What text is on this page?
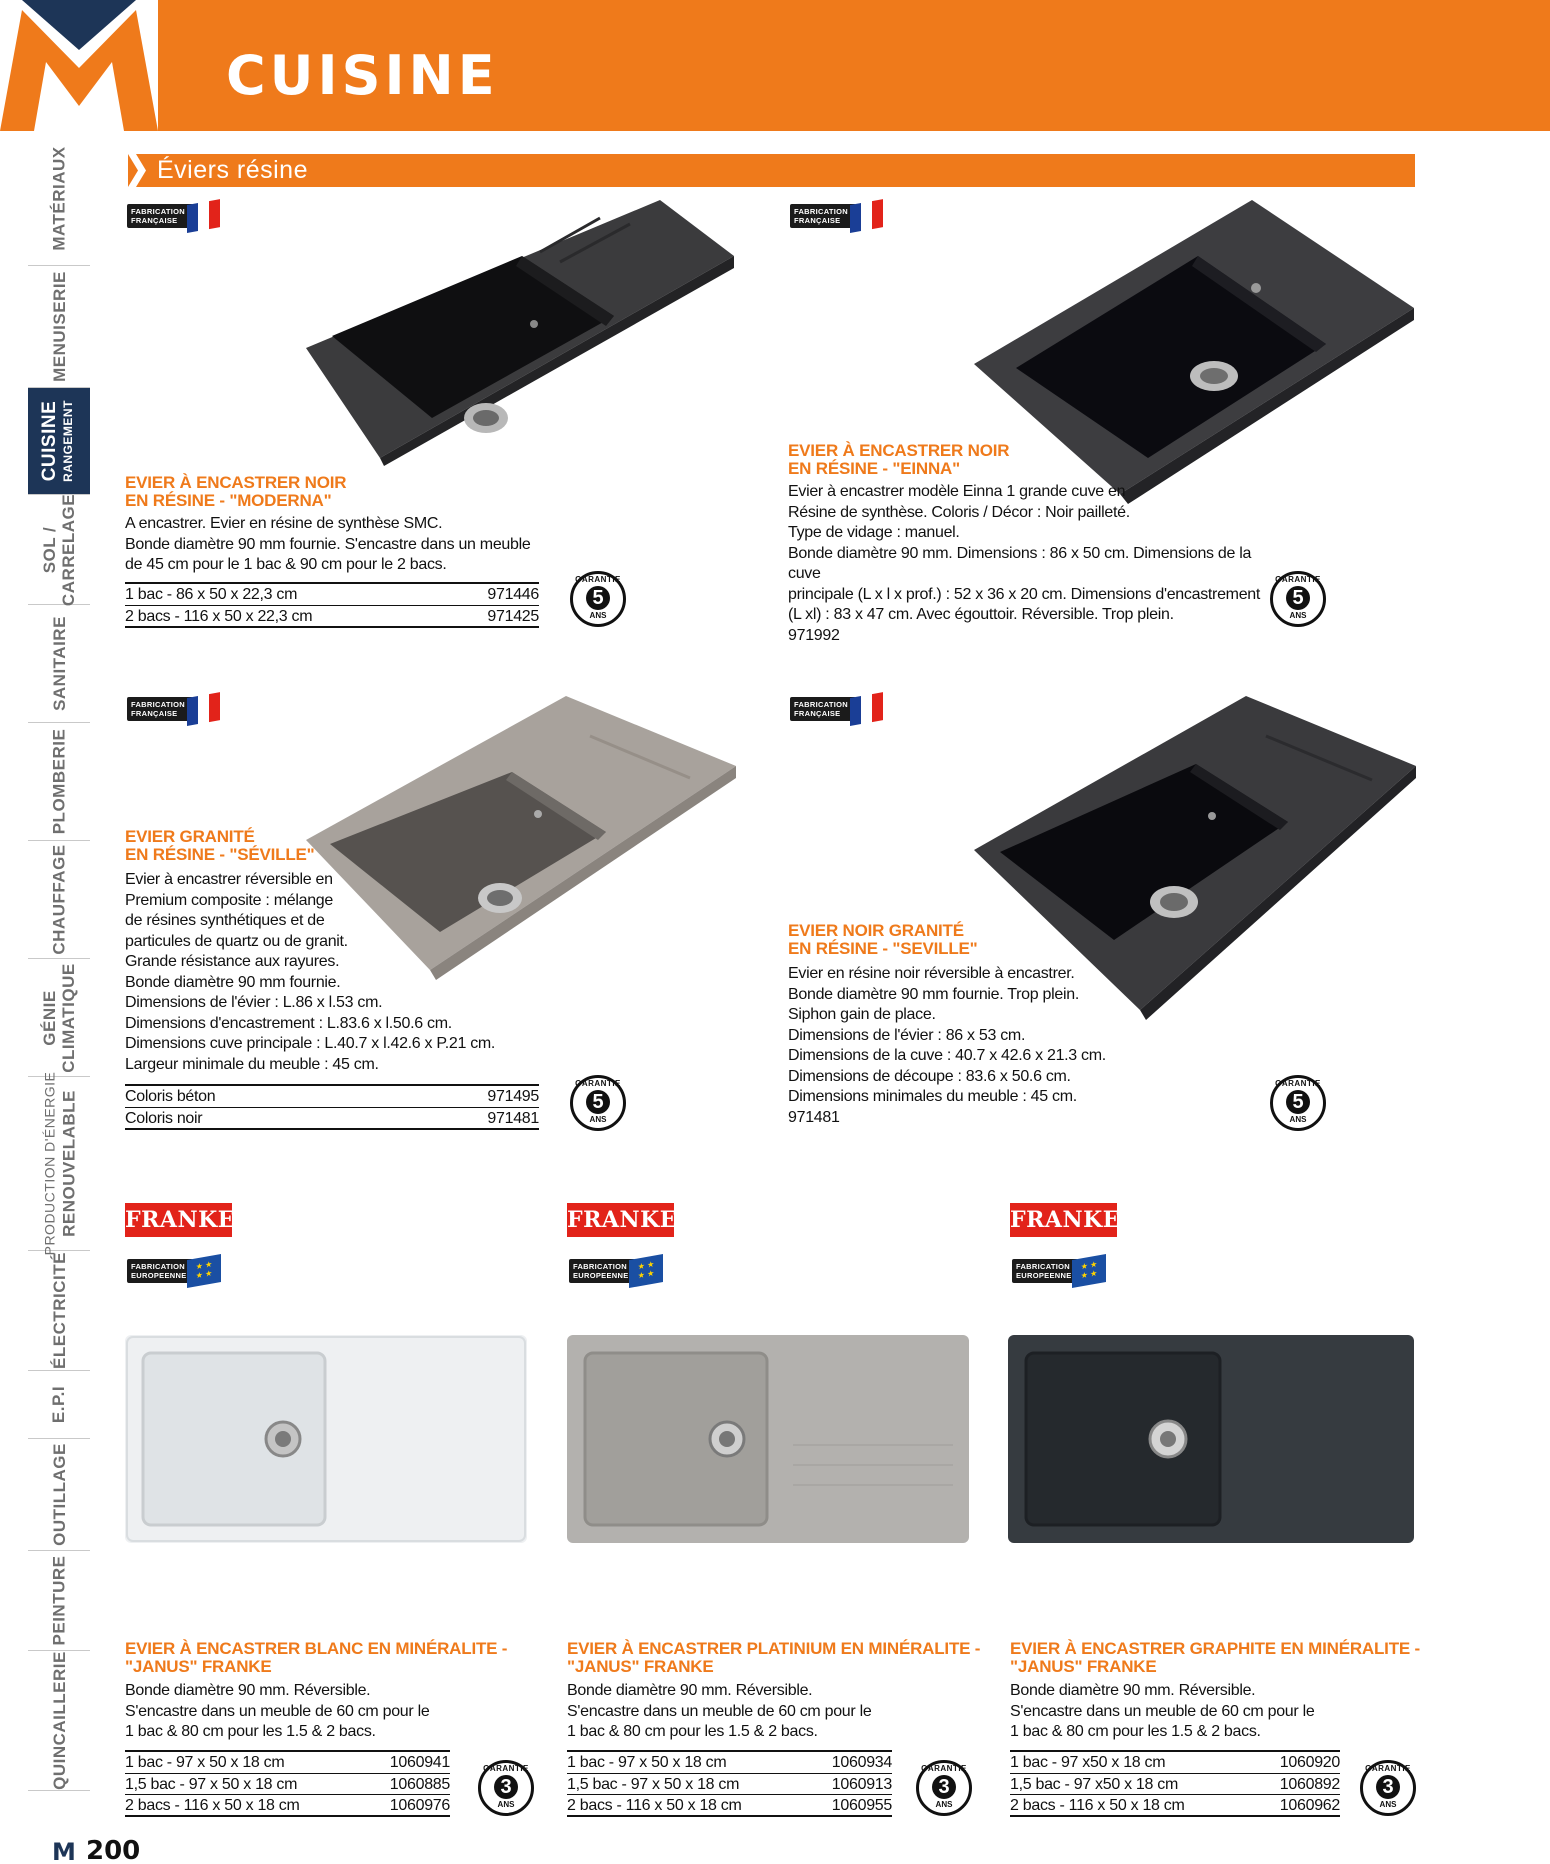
CUISINE
MATÉRIAUX
MENUISERIE
CUISINE RANGEMENT
SOL /
CARRELAGE
SANITAIRE
PLOMBERIE
CHAUFFAGE
GÉNIE
CLIMATIQUE
PRODUCTION D'ÉNERGIE RENOUVELABLE
ÉLECTRICITÉ
E.P.I
OUTILLAGE
PEINTURE
QUINCAILLERIE
Éviers résine
FABRICATION
FRANÇAISE
EVIER À ENCASTRER NOIR
EN RÉSINE - "MODERNA"
A encastrer. Evier en résine de synthèse SMC.
Bonde diamètre 90 mm fournie. S'encastre dans un meuble
de 45 cm pour le 1 bac & 90 cm pour le 2 bacs.
1 bac - 86 x 50 x 22,3 cm	971446
2 bacs - 116 x 50 x 22,3 cm	971425
GARANTIE
5
ANS
FABRICATION
FRANÇAISE
EVIER À ENCASTRER NOIR
EN RÉSINE - "EINNA"
Evier à encastrer modèle Einna 1 grande cuve en
Résine de synthèse. Coloris / Décor : Noir pailleté.
Type de vidage : manuel.
Bonde diamètre 90 mm. Dimensions : 86 x 50 cm. Dimensions de la cuve
principale (L x l x prof.) : 52 x 36 x 20 cm. Dimensions d'encastrement
(L xl) : 83 x 47 cm. Avec égouttoir. Réversible. Trop plein.
971992
GARANTIE
5
ANS
FABRICATION
FRANÇAISE
EVIER GRANITÉ
EN RÉSINE - "SÉVILLE"
Evier à encastrer réversible en
Premium composite : mélange
de résines synthétiques et de
particules de quartz ou de granit.
Grande résistance aux rayures.
Bonde diamètre 90 mm fournie.
Dimensions de l'évier : L.86 x l.53 cm.
Dimensions d'encastrement : L.83.6 x l.50.6 cm.
Dimensions cuve principale : L.40.7 x l.42.6 x P.21 cm.
Largeur minimale du meuble : 45 cm.
Coloris béton	971495
Coloris noir	971481
GARANTIE
5
ANS
FABRICATION
FRANÇAISE
EVIER NOIR GRANITÉ
EN RÉSINE - "SEVILLE"
Evier en résine noir réversible à encastrer.
Bonde diamètre 90 mm fournie. Trop plein.
Siphon gain de place.
Dimensions de l'évier : 86 x 53 cm.
Dimensions de la cuve : 40.7 x 42.6 x 21.3 cm.
Dimensions de découpe : 83.6 x 50.6 cm.
Dimensions minimales du meuble : 45 cm.
971481
GARANTIE
5
ANS
FRANKE
FABRICATION
EUROPEENNE
★ ★
★ ★
EVIER À ENCASTRER BLANC EN MINÉRALITE -
"JANUS" FRANKE
Bonde diamètre 90 mm. Réversible.
S'encastre dans un meuble de 60 cm pour le
1 bac & 80 cm pour les 1.5 & 2 bacs.
1 bac - 97 x 50 x 18 cm	1060941
1,5 bac - 97 x 50 x 18 cm	1060885
2 bacs - 116 x 50 x 18 cm	1060976
GARANTIE
3
ANS
FRANKE
FABRICATION
EUROPEENNE
★ ★
★ ★
EVIER À ENCASTRER PLATINIUM EN MINÉRALITE -
"JANUS" FRANKE
Bonde diamètre 90 mm. Réversible.
S'encastre dans un meuble de 60 cm pour le
1 bac & 80 cm pour les 1.5 & 2 bacs.
1 bac - 97 x 50 x 18 cm	1060934
1,5 bac - 97 x 50 x 18 cm	1060913
2 bacs - 116 x 50 x 18 cm	1060955
GARANTIE
3
ANS
FRANKE
FABRICATION
EUROPEENNE
★ ★
★ ★
EVIER À ENCASTRER GRAPHITE EN MINÉRALITE -
"JANUS" FRANKE
Bonde diamètre 90 mm. Réversible.
S'encastre dans un meuble de 60 cm pour le
1 bac & 80 cm pour les 1.5 & 2 bacs.
1 bac - 97 x50 x 18 cm	1060920
1,5 bac - 97 x50 x 18 cm	1060892
2 bacs - 116 x 50 x 18 cm	1060962
GARANTIE
3
ANS
M 200
